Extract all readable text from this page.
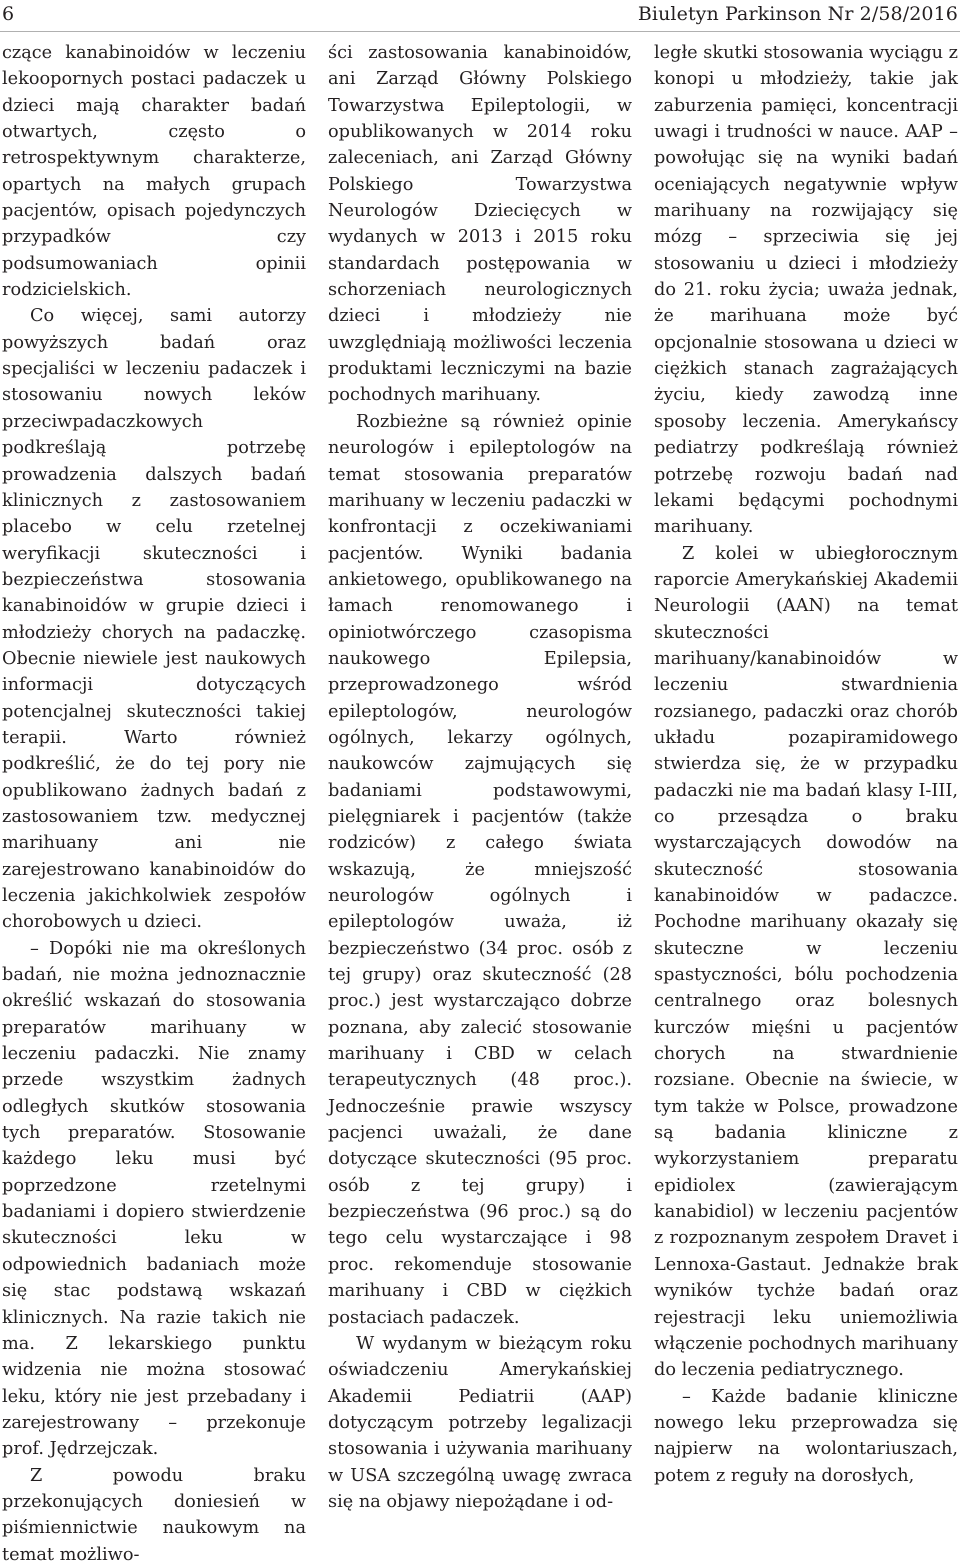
6	Biuletyn Parkinson Nr 2/58/2016

czące kanabinoidów w leczeniu lekoopornych postaci padaczek u dzieci mają charakter badań otwartych, często o retrospektywnym charakterze, opartych na małych grupach pacjentów, opisach pojedynczych przypadków czy podsumowaniach opinii rodzicielskich.

Co więcej, sami autorzy powyższych badań oraz specjaliści w leczeniu padaczek i stosowaniu nowych leków przeciwpadaczkowych podkreślają potrzebę prowadzenia dalszych badań klinicznych z zastosowaniem placebo w celu rzetelnej weryfikacji skuteczności i bezpieczeństwa stosowania kanabinoidów w grupie dzieci i młodzieży chorych na padaczkę. Obecnie niewiele jest naukowych informacji dotyczących potencjalnej skuteczności takiej terapii. Warto również podkreślić, że do tej pory nie opublikowano żadnych badań z zastosowaniem tzw. medycznej marihuany ani nie zarejestrowano kanabinoidów do leczenia jakichkolwiek zespołów chorobowych u dzieci.

– Dopóki nie ma określonych badań, nie można jednoznacznie określić wskazań do stosowania preparatów marihuany w leczeniu padaczki. Nie znamy przede wszystkim żadnych odległych skutków stosowania tych preparatów. Stosowanie każdego leku musi być poprzedzone rzetelnymi badaniami i dopiero stwierdzenie skuteczności leku w odpowiednich badaniach może się stac podstawą wskazań klinicznych. Na razie takich nie ma. Z lekarskiego punktu widzenia nie można stosować leku, który nie jest przebadany i zarejestrowany – przekonuje prof. Jędrzejczak.

Z powodu braku przekonujących doniesień w piśmiennictwie naukowym na temat możliwo-

ści zastosowania kanabinoidów, ani Zarząd Główny Polskiego Towarzystwa Epileptologii, w opublikowanych w 2014 roku zaleceniach, ani Zarząd Główny Polskiego Towarzystwa Neurologów Dziecięcych w wydanych w 2013 i 2015 roku standardach postępowania w schorzeniach neurologicznych dzieci i młodzieży nie uwzględniają możliwości leczenia produktami leczniczymi na bazie pochodnych marihuany.

Rozbieżne są również opinie neurologów i epileptologów na temat stosowania preparatów marihuany w leczeniu padaczki w konfrontacji z oczekiwaniami pacjentów. Wyniki badania ankietowego, opublikowanego na łamach renomowanego i opiniotwórczego czasopisma naukowego Epilepsia, przeprowadzonego wśród epileptologów, neurologów ogólnych, lekarzy ogólnych, naukowców zajmujących się badaniami podstawowymi, pielęgniarek i pacjentów (także rodziców) z całego świata wskazują, że mniejszość neurologów ogólnych i epileptologów uważa, iż bezpieczeństwo (34 proc. osób z tej grupy) oraz skuteczność (28 proc.) jest wystarczająco dobrze poznana, aby zalecić stosowanie marihuany i CBD w celach terapeutycznych (48 proc.). Jednocześnie prawie wszyscy pacjenci uważali, że dane dotyczące skuteczności (95 proc. osób z tej grupy) i bezpieczeństwa (96 proc.) są do tego celu wystarczające i 98 proc. rekomenduje stosowanie marihuany i CBD w ciężkich postaciach padaczek.

W wydanym w bieżącym roku oświadczeniu Amerykańskiej Akademii Pediatrii (AAP) dotyczącym potrzeby legalizacji stosowania i używania marihuany w USA szczególną uwagę zwraca się na objawy niepożądane i od-

ległe skutki stosowania wyciągu z konopi u młodzieży, takie jak zaburzenia pamięci, koncentracji uwagi i trudności w nauce. AAP – powołując się na wyniki badań oceniających negatywnie wpływ marihuany na rozwijający się mózg – sprzeciwia się jej stosowaniu u dzieci i młodzieży do 21. roku życia; uważa jednak, że marihuana może być opcjonalnie stosowana u dzieci w ciężkich stanach zagrażających życiu, kiedy zawodzą inne sposoby leczenia. Amerykańscy pediatrzy podkreślają również potrzebę rozwoju badań nad lekami będącymi pochodnymi marihuany.

Z kolei w ubiegłorocznym raporcie Amerykańskiej Akademii Neurologii (AAN) na temat skuteczności marihuany/kanabinoidów w leczeniu stwardnienia rozsianego, padaczki oraz chorób układu pozapiramidowego stwierdza się, że w przypadku padaczki nie ma badań klasy I-III, co przesądza o braku wystarczających dowodów na skuteczność stosowania kanabinoidów w padaczce. Pochodne marihuany okazały się skuteczne w leczeniu spastyczności, bólu pochodzenia centralnego oraz bolesnych kurczów mięśni u pacjentów chorych na stwardnienie rozsiane. Obecnie na świecie, w tym także w Polsce, prowadzone są badania kliniczne z wykorzystaniem preparatu epidiolex (zawierającym kanabidiol) w leczeniu pacjentów z rozpoznanym zespołem Dravet i Lennoxa-Gastaut. Jednakże brak wyników tychże badań oraz rejestracji leku uniemożliwia włączenie pochodnych marihuany do leczenia pediatrycznego.

– Każde badanie kliniczne nowego leku przeprowadza się najpierw na wolontariuszach, potem z reguły na dorosłych,
